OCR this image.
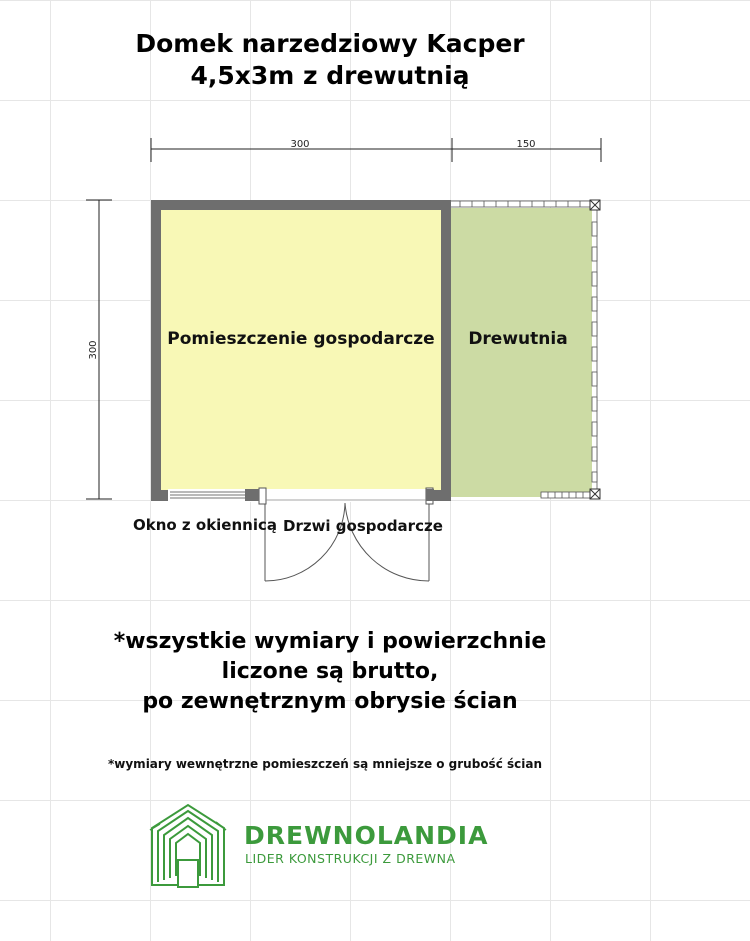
Domek narzedziowy Kacper
4,5x3m z drewutnią
300	150
300
Pomieszczenie gospodarcze Drewutnia
Okno z okiennicą Drzwi gospodarcze
*wszystkie wymiary i powierzchnie
liczone są brutto,
po zewnętrznym obrysie ścian
*wymiary wewnętrzne pomieszczeń są mniejsze o grubość ścian
DREWNOLANDIA
LIDER KONSTRUKCJI Z DREWNA
